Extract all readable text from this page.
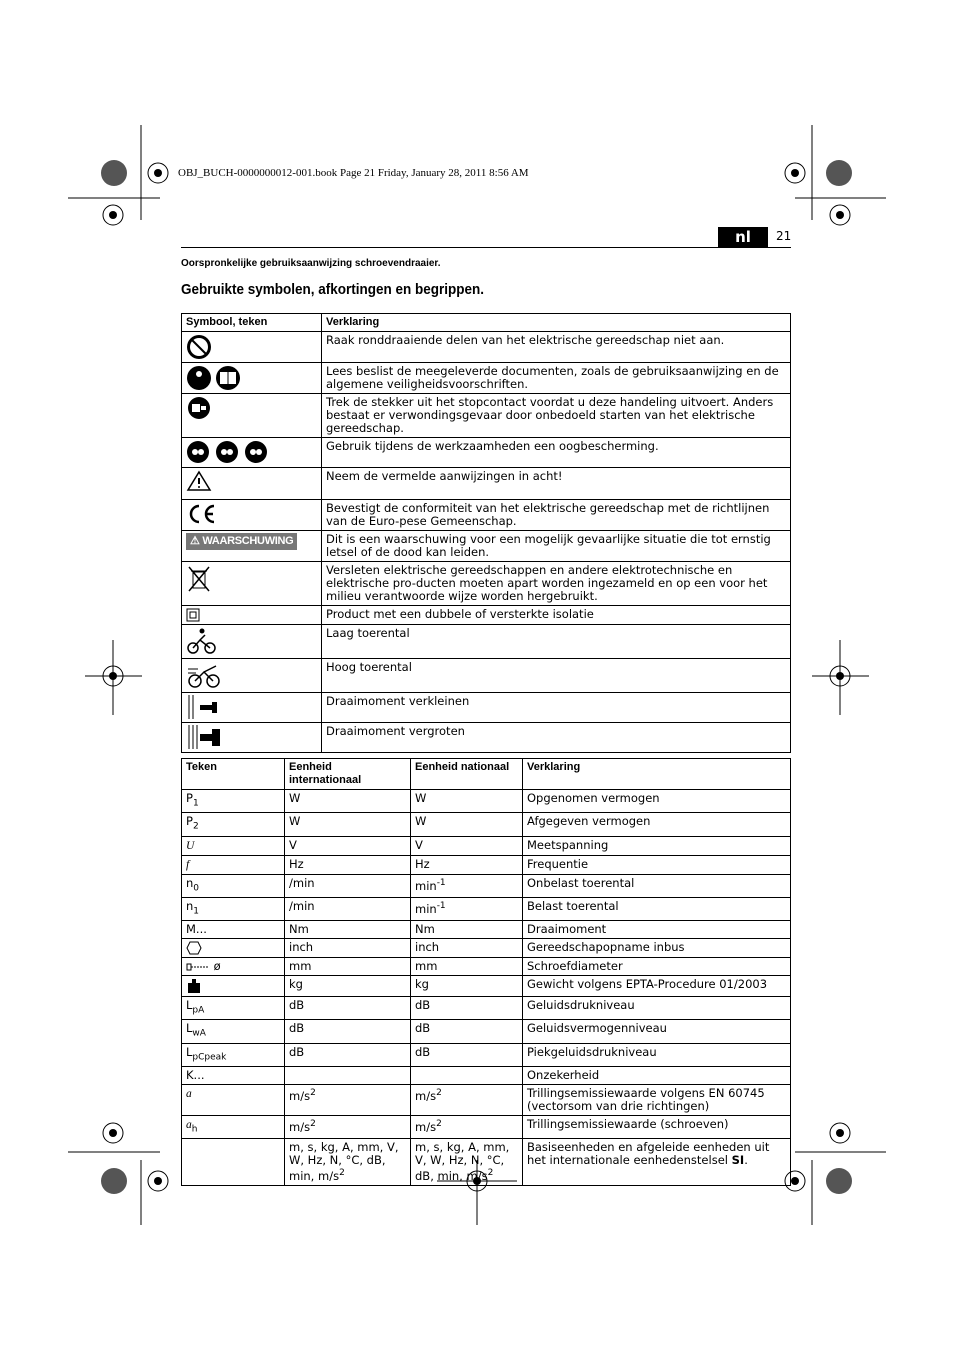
OBJ_BUCH-0000000012-001.book Page 21 Friday, January 28, 2011 8:56 AM
nl	21
Oorspronkelijke gebruiksaanwijzing schroevendraaier.
Gebruikte symbolen, afkortingen en begrippen.
Symbool, teken	Verklaring
	Raak ronddraaiende delen van het elektrische gereedschap niet aan.
	Lees beslist de meegeleverde documenten, zoals de gebruiksaanwijzing en de algemene veiligheidsvoorschriften.
	Trek de stekker uit het stopcontact voordat u deze handeling uitvoert. Anders bestaat er verwondingsgevaar door onbedoeld starten van het elektrische gereedschap.
	Gebruik tijdens de werkzaamheden een oogbescherming.
	Neem de vermelde aanwijzingen in acht!
	Bevestigt de conformiteit van het elektrische gereedschap met de richtlijnen van de Euro-pese Gemeenschap.
⚠ WAARSCHUWING	Dit is een waarschuwing voor een mogelijk gevaarlijke situatie die tot ernstig letsel of de dood kan leiden.
	Versleten elektrische gereedschappen en andere elektrotechnische en elektrische pro-ducten moeten apart worden ingezameld en op een voor het milieu verantwoorde wijze worden hergebruikt.
	Product met een dubbele of versterkte isolatie
	Laag toerental
	Hoog toerental
	Draaimoment verkleinen
	Draaimoment vergroten
Teken	Eenheid internationaal	Eenheid nationaal	Verklaring
$P_1$	W	W	Opgenomen vermogen
$P_2$	W	W	Afgegeven vermogen
U	V	V	Meetspanning
f	Hz	Hz	Frequentie
$n_0$	/min	$\min^{-1}$	Onbelast toerental
$n_1$	/min	$\min^{-1}$	Belast toerental
M...	Nm	Nm	Draaimoment
	inch	inch	Gereedschapopname inbus
ø	mm	mm	Schroefdiameter
	kg	kg	Gewicht volgens EPTA-Procedure 01/2003
$L_{pA}$	dB	dB	Geluidsdrukniveau
$L_{wA}$	dB	dB	Geluidsvermogenniveau
$L_{pCpeak}$	dB	dB	Piekgeluidsdrukniveau
K...			Onzekerheid
a	$m/s^2$	$m/s^2$	Trillingsemissiewaarde volgens EN 60745 (vectorsom van drie richtingen)
$a_h$	$m/s^2$	$m/s^2$	Trillingsemissiewaarde (schroeven)
	m, s, kg, A, mm, V, W, Hz, N, °C, dB, min, $m/s^2$	m, s, kg, A, mm, V, W, Hz, N, °C, dB, min, $m/s^2$	Basiseenheden en afgeleide eenheden uit het internationale eenhedenstelsel SI.
